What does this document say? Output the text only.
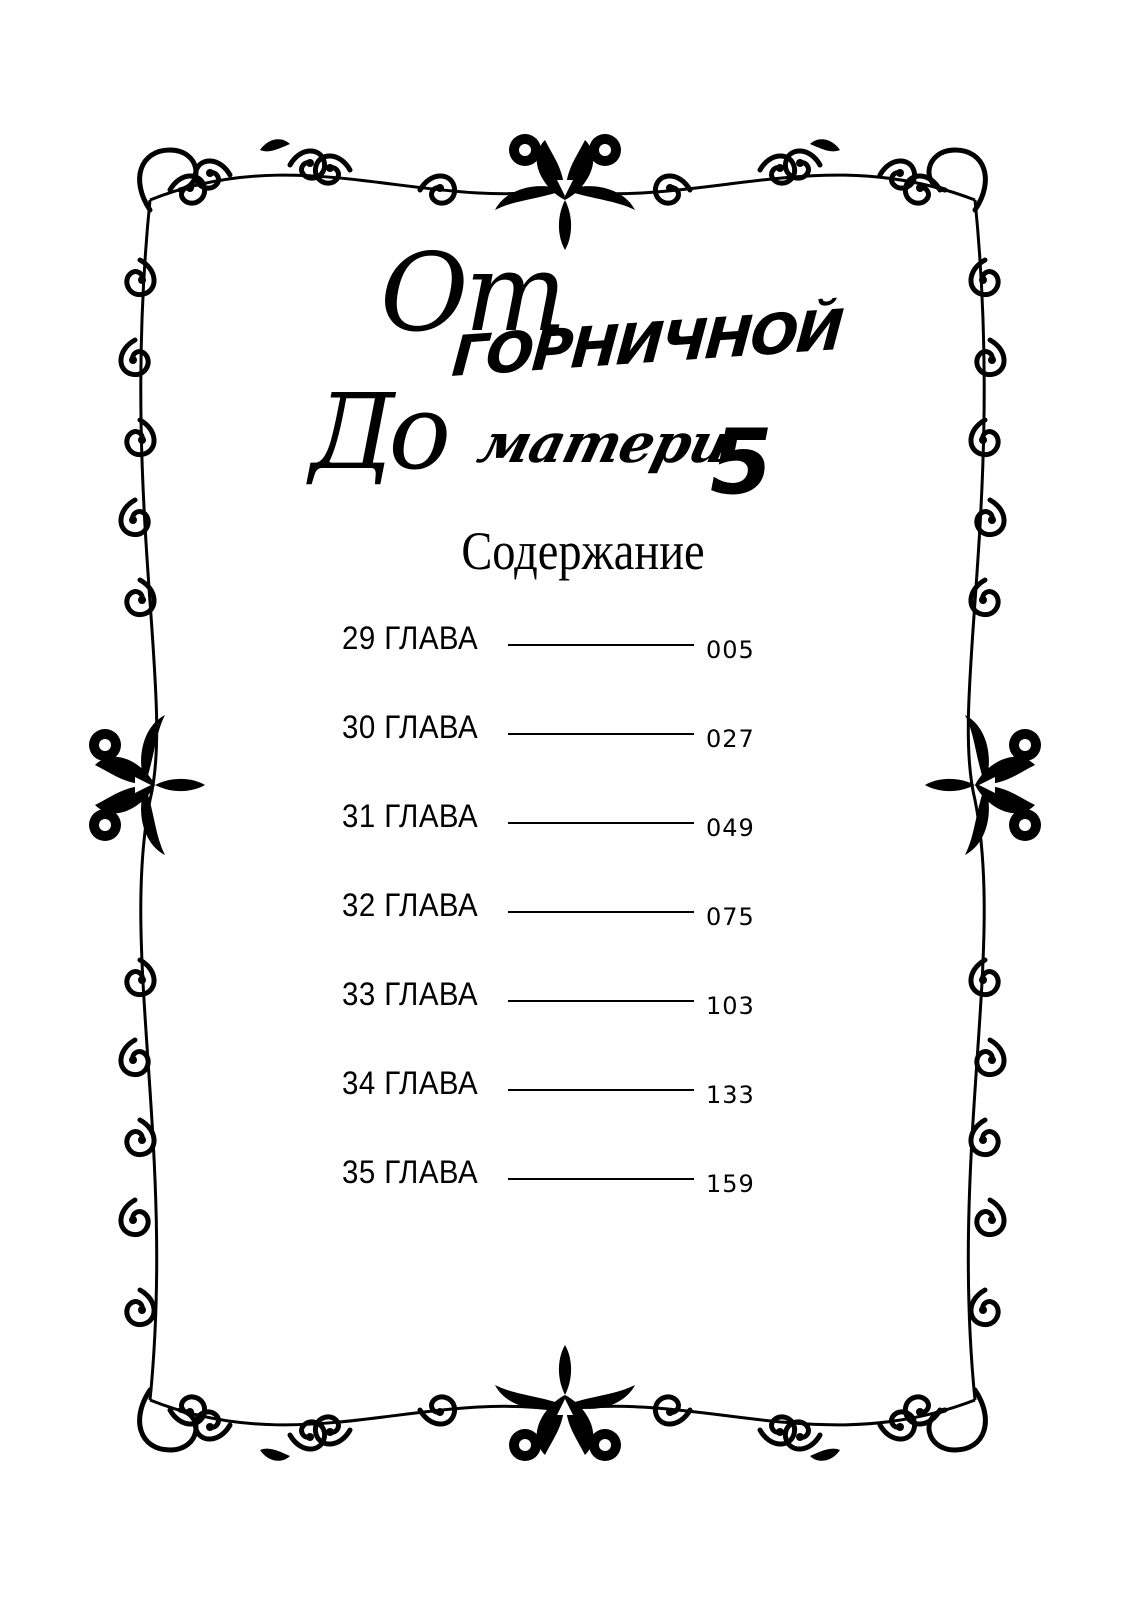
От
ГОРНИЧНОЙ
До матери
5
Содержание
29 ГЛАВА	005
30 ГЛАВА	027
31 ГЛАВА	049
32 ГЛАВА	075
33 ГЛАВА	103
34 ГЛАВА	133
35 ГЛАВА	159
